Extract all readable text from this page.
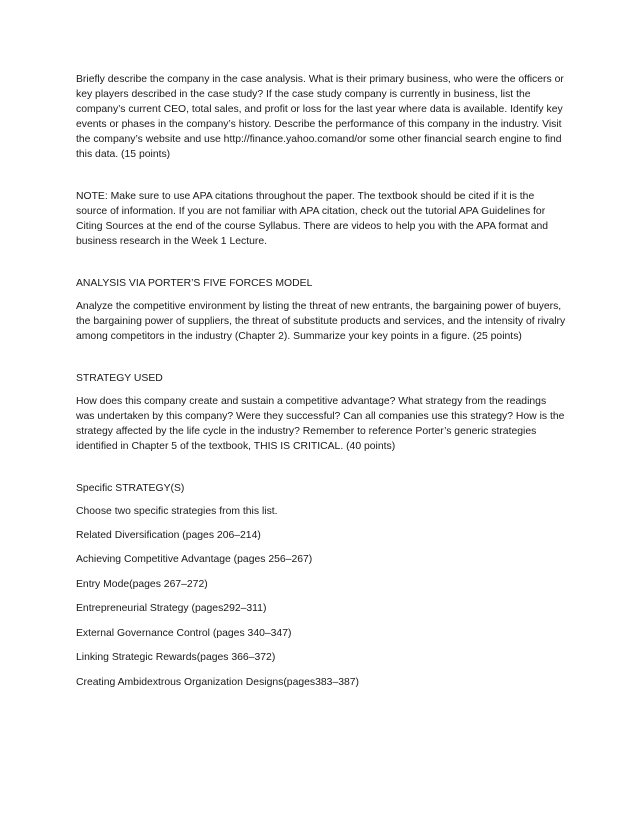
Briefly describe the company in the case analysis. What is their primary business, who were the officers or key players described in the case study? If the case study company is currently in business, list the company’s current CEO, total sales, and profit or loss for the last year where data is available. Identify key events or phases in the company’s history. Describe the performance of this company in the industry. Visit the company’s website and use http://finance.yahoo.comand/or some other financial search engine to find this data. (15 points)

NOTE: Make sure to use APA citations throughout the paper. The textbook should be cited if it is the source of information. If you are not familiar with APA citation, check out the tutorial APA Guidelines for Citing Sources at the end of the course Syllabus. There are videos to help you with the APA format and business research in the Week 1 Lecture.

ANALYSIS VIA PORTER’S FIVE FORCES MODEL

Analyze the competitive environment by listing the threat of new entrants, the bargaining power of buyers, the bargaining power of suppliers, the threat of substitute products and services, and the intensity of rivalry among competitors in the industry (Chapter 2). Summarize your key points in a figure. (25 points)

STRATEGY USED

How does this company create and sustain a competitive advantage? What strategy from the readings was undertaken by this company? Were they successful? Can all companies use this strategy? How is the strategy affected by the life cycle in the industry? Remember to reference Porter’s generic strategies identified in Chapter 5 of the textbook, THIS IS CRITICAL. (40 points)

Specific STRATEGY(S)

Choose two specific strategies from this list.

Related Diversification (pages 206–214)

Achieving Competitive Advantage (pages 256–267)

Entry Mode(pages 267–272)

Entrepreneurial Strategy (pages292–311)

External Governance Control (pages 340–347)

Linking Strategic Rewards(pages 366–372)

Creating Ambidextrous Organization Designs(pages383–387)
